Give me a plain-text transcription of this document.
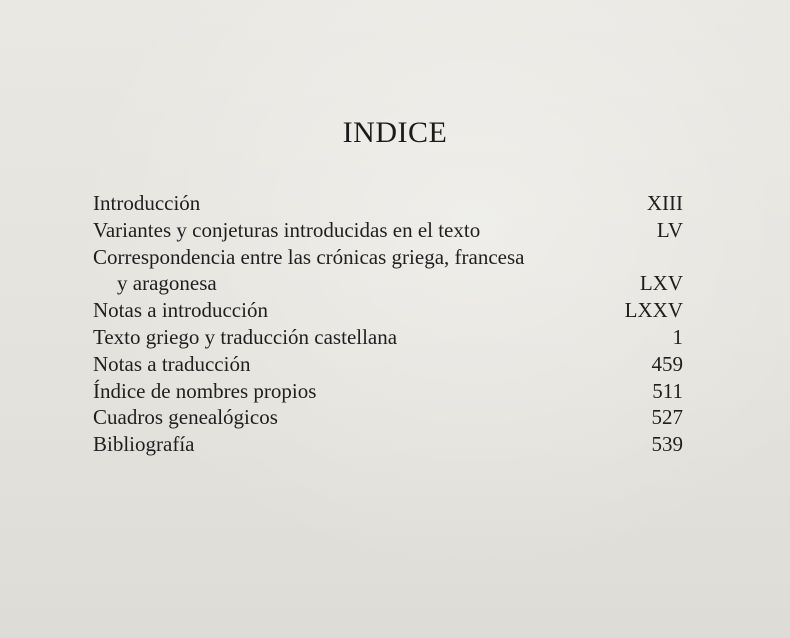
INDICE
Introducción	XIII
Variantes y conjeturas introducidas en el texto	LV
Correspondencia entre las crónicas griega, francesa
y aragonesa	LXV
Notas a introducción	LXXV
Texto griego y traducción castellana	1
Notas a traducción	459
Índice de nombres propios	511
Cuadros genealógicos	527
Bibliografía	539
